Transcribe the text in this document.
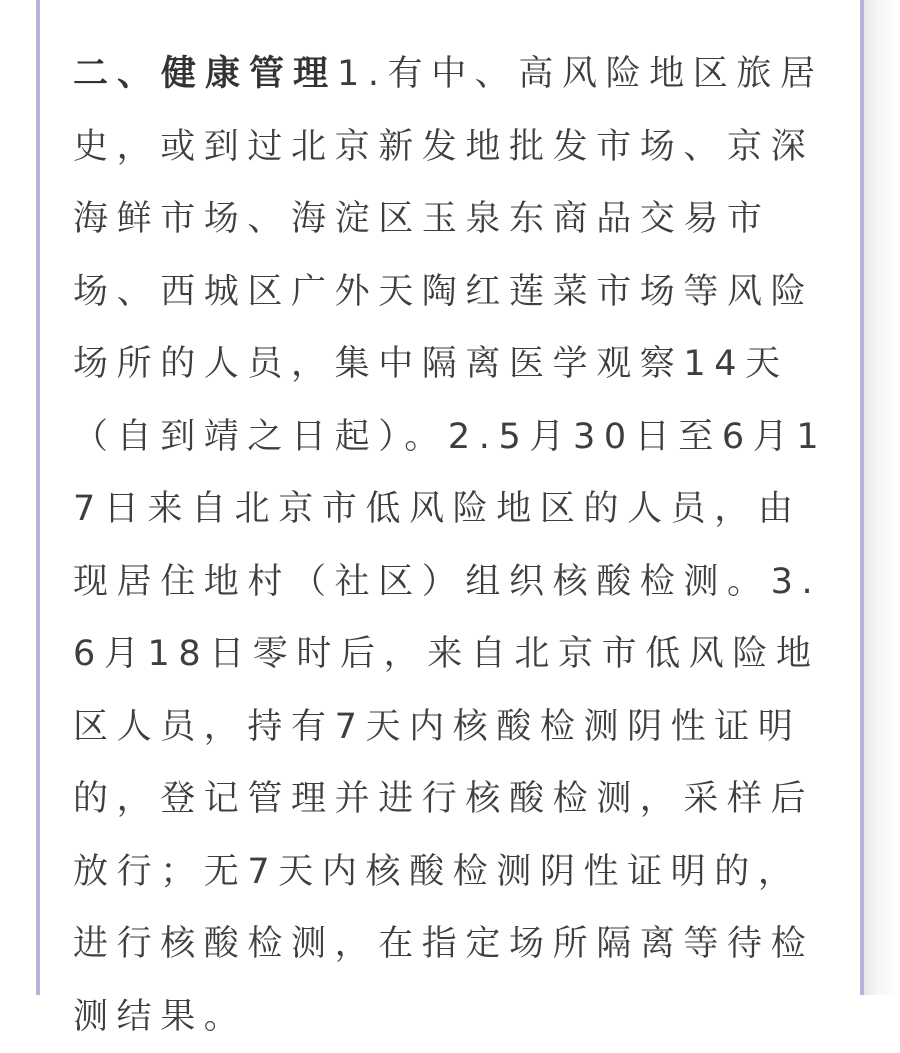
二、健康管理1.有中、高风险地区旅居史，或到过北京新发地批发市场、京深海鲜市场、海淀区玉泉东商品交易市场、西城区广外天陶红莲菜市场等风险场所的人员，集中隔离医学观察14天（自到靖之日起）。2.5月30日至6月17日来自北京市低风险地区的人员，由现居住地村（社区）组织核酸检测。3.6月18日零时后，来自北京市低风险地区人员，持有7天内核酸检测阴性证明的，登记管理并进行核酸检测，采样后放行；无7天内核酸检测阴性证明的，进行核酸检测，在指定场所隔离等待检测结果。
